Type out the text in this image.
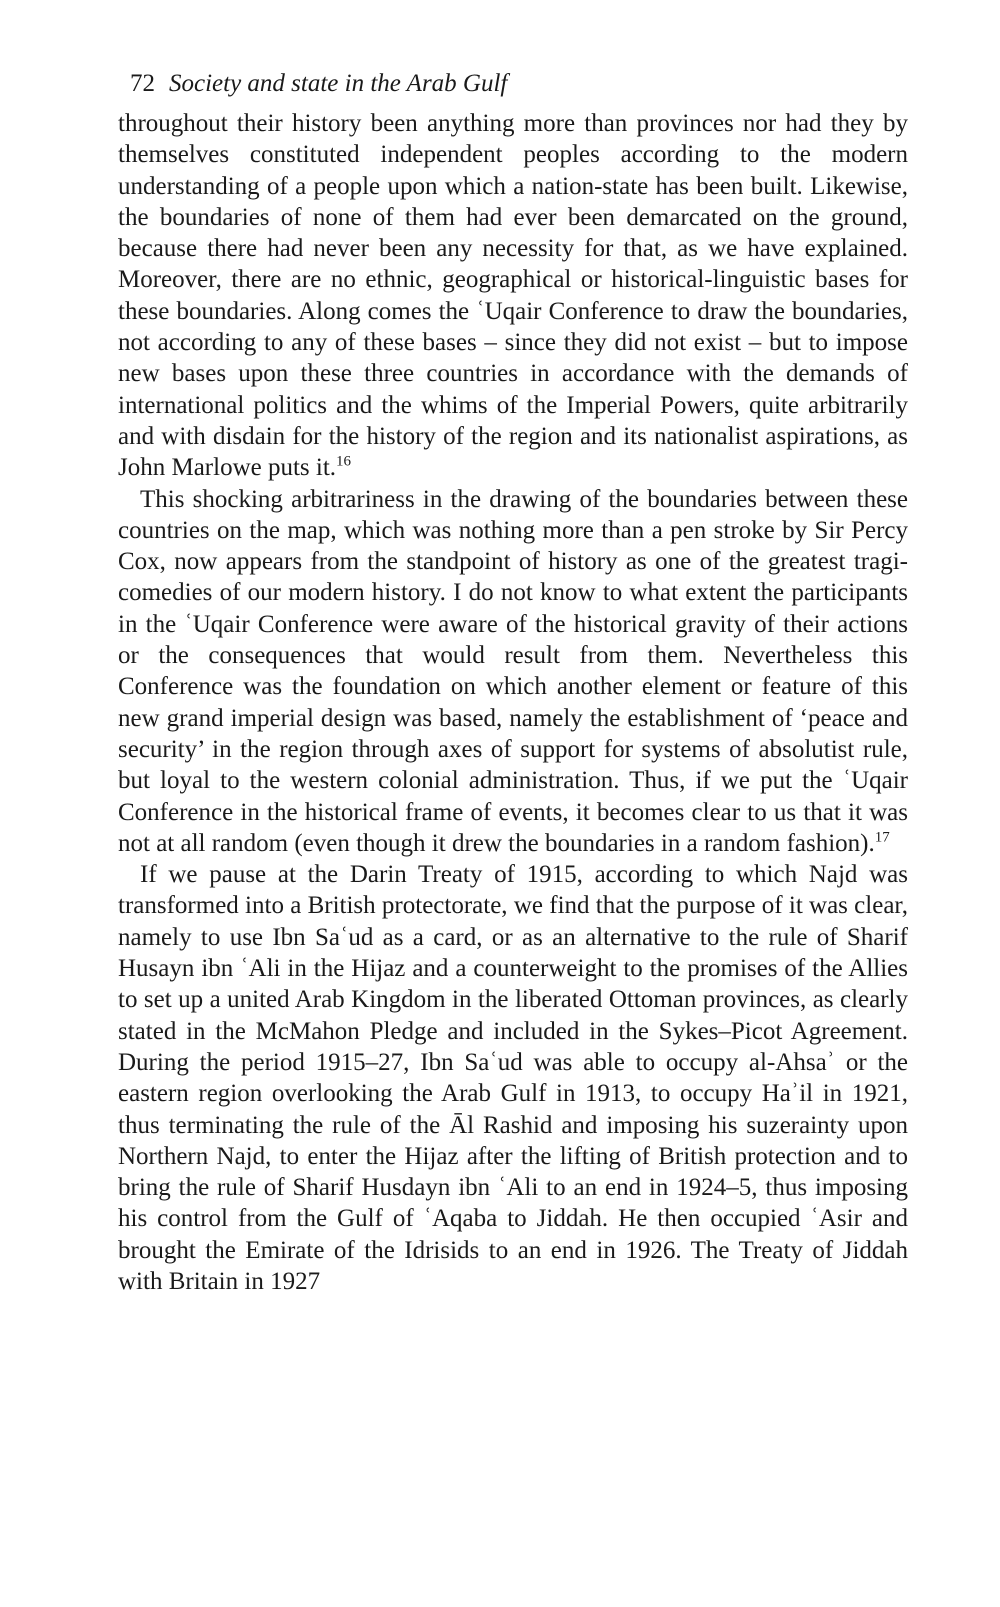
72 Society and state in the Arab Gulf

throughout their history been anything more than provinces nor had they by themselves constituted independent peoples according to the modern understanding of a people upon which a nation-state has been built. Likewise, the boundaries of none of them had ever been demarcated on the ground, because there had never been any necessity for that, as we have explained. Moreover, there are no ethnic, geographical or historical-linguistic bases for these boundaries. Along comes the ʿUqair Conference to draw the boundaries, not according to any of these bases – since they did not exist – but to impose new bases upon these three countries in accordance with the demands of international politics and the whims of the Imperial Powers, quite arbitrarily and with disdain for the history of the region and its nationalist aspirations, as John Marlowe puts it.$^{16}$

This shocking arbitrariness in the drawing of the boundaries between these countries on the map, which was nothing more than a pen stroke by Sir Percy Cox, now appears from the standpoint of history as one of the greatest tragi-comedies of our modern history. I do not know to what extent the participants in the ʿUqair Conference were aware of the historical gravity of their actions or the consequences that would result from them. Nevertheless this Conference was the foundation on which another element or feature of this new grand imperial design was based, namely the establishment of ‘peace and security’ in the region through axes of support for systems of absolutist rule, but loyal to the western colonial administration. Thus, if we put the ʿUqair Conference in the historical frame of events, it becomes clear to us that it was not at all random (even though it drew the boundaries in a random fashion).$^{17}$

If we pause at the Darin Treaty of 1915, according to which Najd was transformed into a British protectorate, we find that the purpose of it was clear, namely to use Ibn Saʿud as a card, or as an alternative to the rule of Sharif Husayn ibn ʿAli in the Hijaz and a counterweight to the promises of the Allies to set up a united Arab Kingdom in the liberated Ottoman provinces, as clearly stated in the McMahon Pledge and included in the Sykes–Picot Agreement. During the period 1915–27, Ibn Saʿud was able to occupy al-Ahsaʾ or the eastern region overlooking the Arab Gulf in 1913, to occupy Haʾil in 1921, thus terminating the rule of the Āl Rashid and imposing his suzerainty upon Northern Najd, to enter the Hijaz after the lifting of British protection and to bring the rule of Sharif Husdayn ibn ʿAli to an end in 1924–5, thus imposing his control from the Gulf of ʿAqaba to Jiddah. He then occupied ʿAsir and brought the Emirate of the Idrisids to an end in 1926. The Treaty of Jiddah with Britain in 1927
